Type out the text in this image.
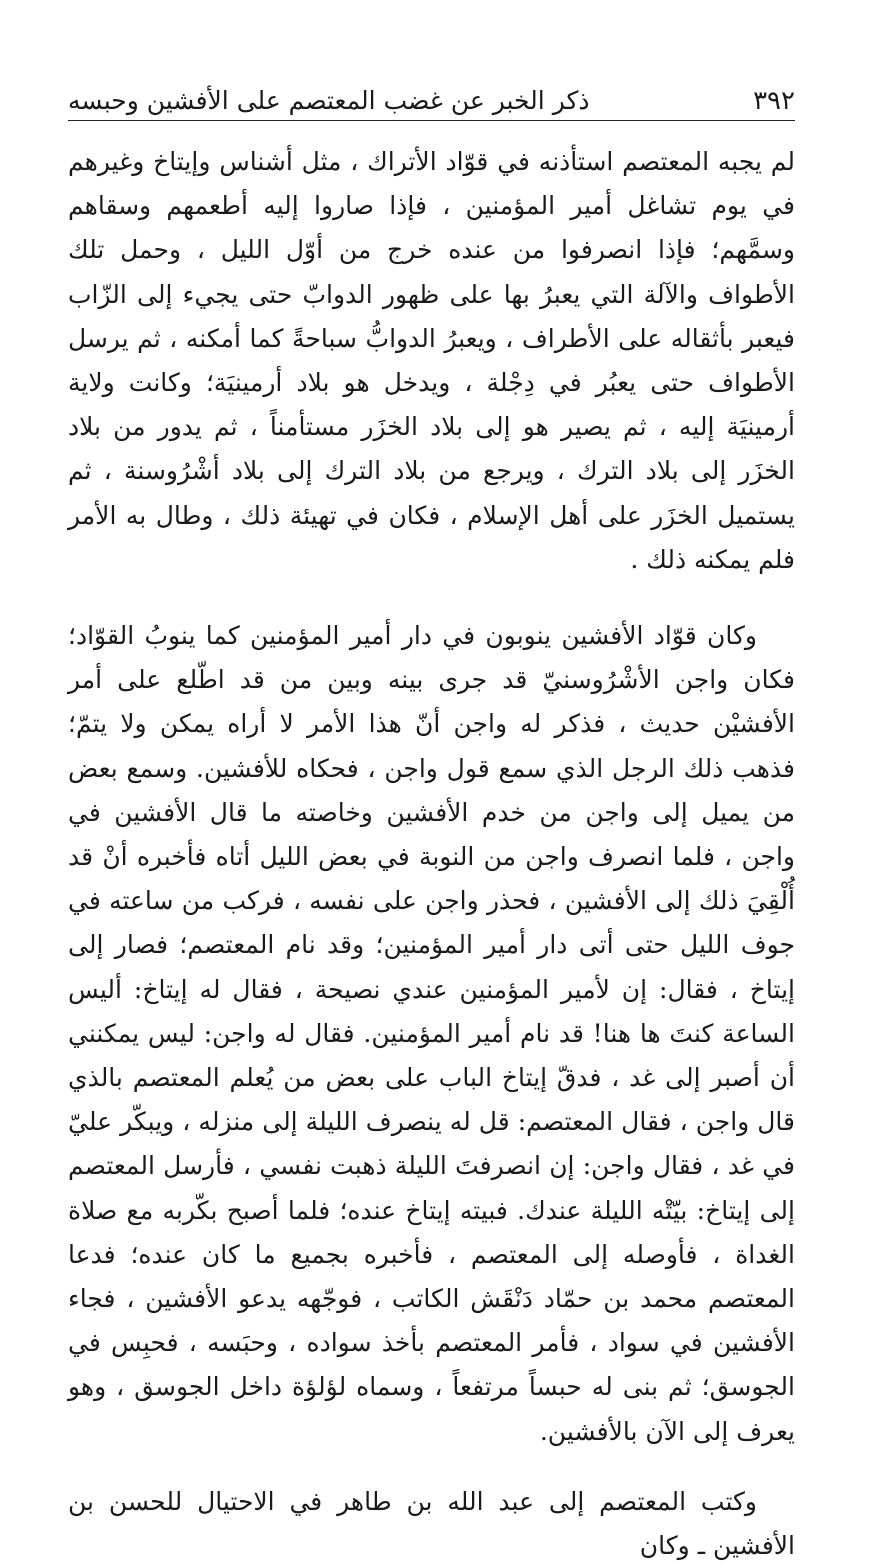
٣٩٢
ذكر الخبر عن غضب المعتصم على الأفشين وحبسه

لم يجبه المعتصم استأذنه في قوّاد الأتراك ، مثل أشناس وإيتاخ وغيرهم في يوم تشاغل أمير المؤمنين ، فإذا صاروا إليه أطعمهم وسقاهم وسمَّهم؛ فإذا انصرفوا من عنده خرج من أوّل الليل ، وحمل تلك الأطواف والآلة التي يعبرُ بها على ظهور الدوابّ حتى يجيء إلى الزّاب فيعبر بأثقاله على الأطراف ، ويعبرُ الدوابُّ سباحةً كما أمكنه ، ثم يرسل الأطواف حتى يعبُر في دِجْلة ، ويدخل هو بلاد أرمينيَة؛ وكانت ولاية أرمينيَة إليه ، ثم يصير هو إلى بلاد الخزَر مستأمناً ، ثم يدور من بلاد الخزَر إلى بلاد الترك ، ويرجع من بلاد الترك إلى بلاد أشْرُوسنة ، ثم يستميل الخزَر على أهل الإسلام ، فكان في تهيئة ذلك ، وطال به الأمر فلم يمكنه ذلك .

وكان قوّاد الأفشين ينوبون في دار أمير المؤمنين كما ينوبُ القوّاد؛ فكان واجن الأشْرُوسنيّ قد جرى بينه وبين من قد اطّلع على أمر الأفشيْن حديث ، فذكر له واجن أنّ هذا الأمر لا أراه يمكن ولا يتمّ؛ فذهب ذلك الرجل الذي سمع قول واجن ، فحكاه للأفشين. وسمع بعض من يميل إلى واجن من خدم الأفشين وخاصته ما قال الأفشين في واجن ، فلما انصرف واجن من النوبة في بعض الليل أتاه فأخبره أنْ قد أُلْقِيَ ذلك إلى الأفشين ، فحذر واجن على نفسه ، فركب من ساعته في جوف الليل حتى أتى دار أمير المؤمنين؛ وقد نام المعتصم؛ فصار إلى إيتاخ ، فقال: إن لأمير المؤمنين عندي نصيحة ، فقال له إيتاخ: أليس الساعة كنتَ ها هنا! قد نام أمير المؤمنين. فقال له واجن: ليس يمكنني أن أصبر إلى غد ، فدقّ إيتاخ الباب على بعض من يُعلم المعتصم بالذي قال واجن ، فقال المعتصم: قل له ينصرف الليلة إلى منزله ، ويبكّر عليّ في غد ، فقال واجن: إن انصرفتَ الليلة ذهبت نفسي ، فأرسل المعتصم إلى إيتاخ: بيّتْه الليلة عندك. فبيته إيتاخ عنده؛ فلما أصبح بكّربه مع صلاة الغداة ، فأوصله إلى المعتصم ، فأخبره بجميع ما كان عنده؛ فدعا المعتصم محمد بن حمّاد دَنْقَش الكاتب ، فوجّهه يدعو الأفشين ، فجاء الأفشين في سواد ، فأمر المعتصم بأخذ سواده ، وحبَسه ، فحبِس في الجوسق؛ ثم بنى له حبساً مرتفعاً ، وسماه لؤلؤة داخل الجوسق ، وهو يعرف إلى الآن بالأفشين.

وكتب المعتصم إلى عبد الله بن طاهر في الاحتيال للحسن بن الأفشين ـ وكان
